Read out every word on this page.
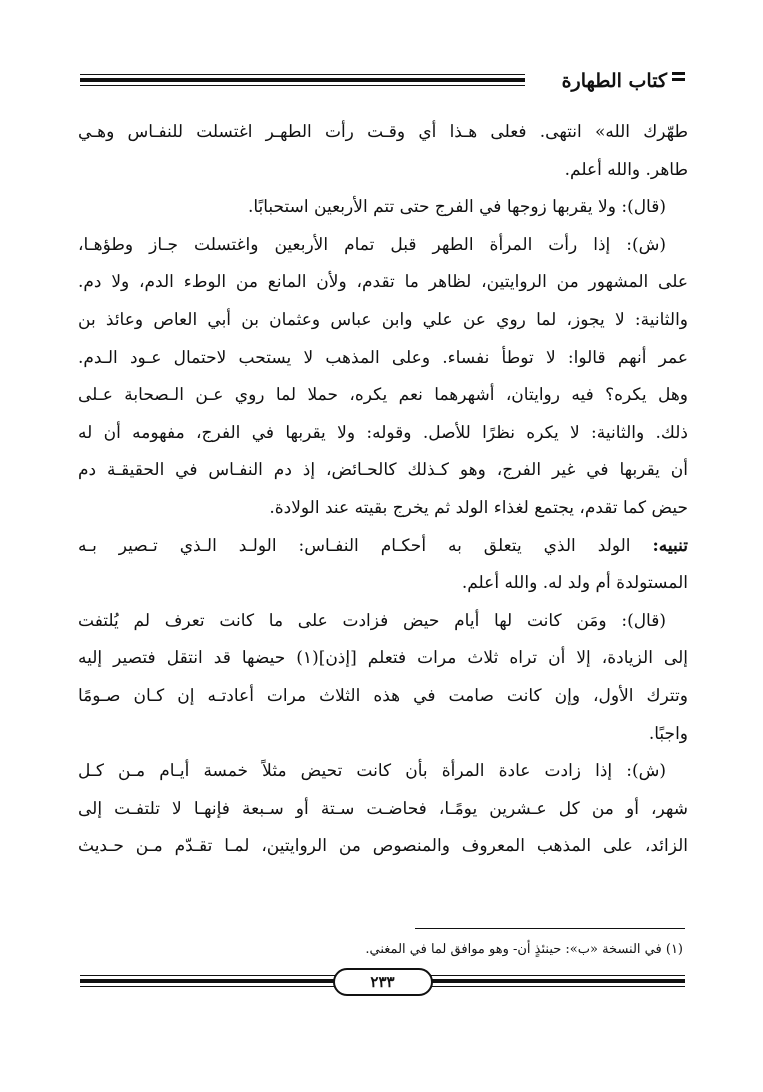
كتاب الطهارة
طهّرك الله» انتهى. فعلى هـذا أي وقـت رأت الطهـر اغتسلت للنفـاس وهـي
طاهر. والله أعلم.
(قال): ولا يقربها زوجها في الفرج حتى تتم الأربعين استحبابًا.
(ش): إذا رأت المرأة الطهر قبل تمام الأربعين واغتسلت جـاز وطؤهـا،
على المشهور من الروايتين، لظاهر ما تقدم، ولأن المانع من الوطء الدم، ولا دم.
والثانية: لا يجوز، لما روي عن علي وابن عباس وعثمان بن أبي العاص وعائذ بن
عمر أنهم قالوا: لا توطأ نفساء. وعلى المذهب لا يستحب لاحتمال عـود الـدم.
وهل يكره؟ فيه روايتان، أشهرهما نعم يكره، حملا لما روي عـن الـصحابة عـلى
ذلك. والثانية: لا يكره نظرًا للأصل. وقوله: ولا يقربها في الفرج، مفهومه أن له
أن يقربها في غير الفرج، وهو كـذلك كالحـائض، إذ دم النفـاس في الحقيقـة دم
حيض كما تقدم، يجتمع لغذاء الولد ثم يخرج بقيته عند الولادة.
تنبيه: الولد الذي يتعلق به أحكـام النفـاس: الولـد الـذي تـصير بـه
المستولدة أم ولد له. والله أعلم.
(قال): ومَن كانت لها أيام حيض فزادت على ما كانت تعرف لم يُلتفت
إلى الزيادة، إلا أن تراه ثلاث مرات فتعلم [إذن](١) حيضها قد انتقل فتصير إليه
وتترك الأول، وإن كانت صامت في هذه الثلاث مرات أعادتـه إن كـان صـومًا
واجبًا.
(ش): إذا زادت عادة المرأة بأن كانت تحيض مثلاً خمسة أيـام مـن كـل
شهر، أو من كل عـشرين يومًـا، فحاضـت سـتة أو سـبعة فإنهـا لا تلتفـت إلى
الزائد، على المذهب المعروف والمنصوص من الروايتين، لمـا تقـدّم مـن حـديث
(١) في النسخة «ب»: حينئذٍ أن- وهو موافق لما في المغني.
٢٣٣
